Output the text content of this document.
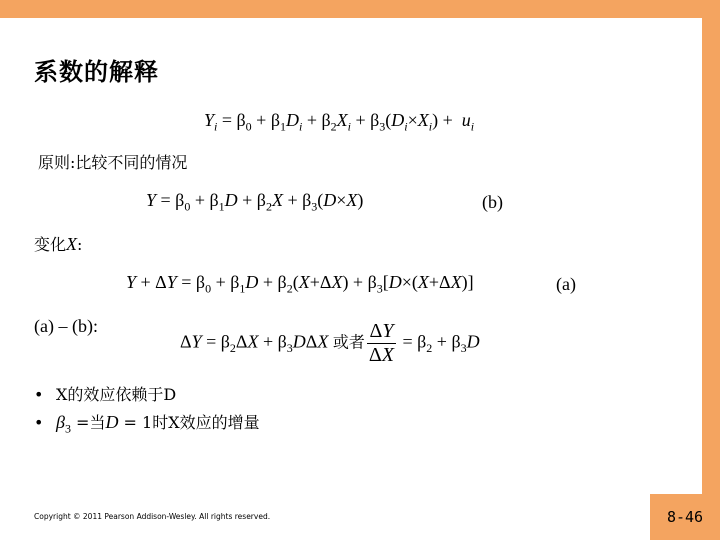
系数的解释
$Y_i = \beta_0 + \beta_1D_i + \beta_2X_i + \beta_3(D_i\times X_i) + u_i$
原则:比较不同的情况
$Y = \beta_0 + \beta_1D + \beta_2X + \beta_3(D\times X)$	(b)
变化X:
$Y + \Delta Y = \beta_0 + \beta_1D + \beta_2(X+\Delta X) + \beta_3[D\times(X+\Delta X)]$	(a)
(a) – (b):
$\Delta Y = \beta_2\Delta X + \beta_3D\Delta X$ 或者 $\frac{\Delta Y}{\Delta X} = \beta_2 + \beta_3D$
• X的效应依赖于D
• $\beta_3$ =当D = 1时X效应的增量
Copyright © 2011 Pearson Addison-Wesley. All rights reserved.	8-46
